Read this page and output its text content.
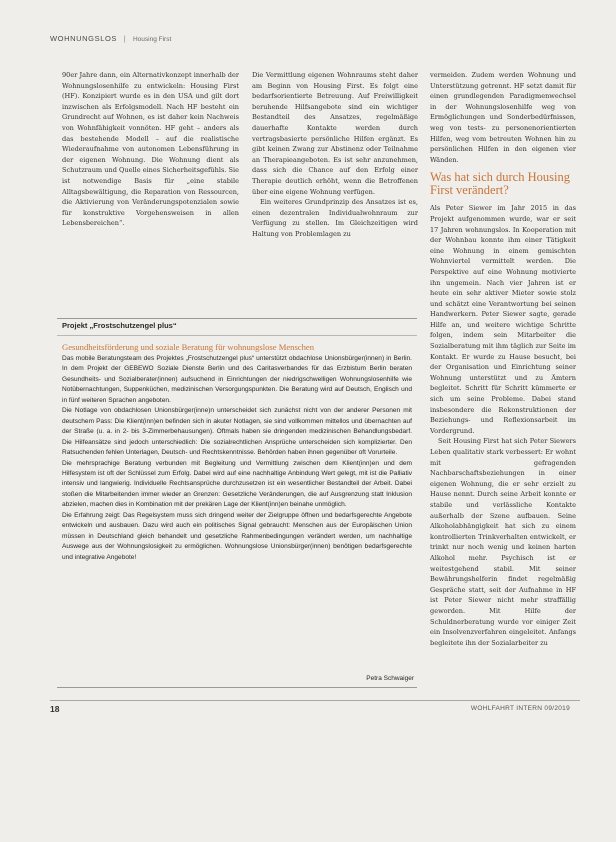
WOHNUNGSLOS | Housing First

90er Jahre dann, ein Alternativkonzept innerhalb der Wohnungslosenhilfe zu entwickeln: Housing First (HF). Konzipiert wurde es in den USA und gilt dort inzwischen als Erfolgsmodell. Nach HF besteht ein Grundrecht auf Wohnen, es ist daher kein Nachweis von Wohnfähigkeit vonnöten. HF geht – anders als das bestehende Modell – auf die realistische Wiederaufnahme von autonomen Lebensführung in der eigenen Wohnung. Die Wohnung dient als Schutzraum und Quelle eines Sicherheitsgefühls. Sie ist notwendige Basis für „eine stabile Alltagsbewältigung, die Reparation von Ressourcen, die Aktivierung von Veränderungspotenzialen sowie für konstruktive Vorgehensweisen in allen Lebensbereichen“.

Die Vermittlung eigenen Wohnraums steht daher am Beginn von Housing First. Es folgt eine bedarfsorientierte Betreuung. Auf Freiwilligkeit beruhende Hilfsangebote sind ein wichtiger Bestandteil des Ansatzes, regelmäßige dauerhafte Kontakte werden durch vertragsbasierte persönliche Hilfen ergänzt. Es gibt keinen Zwang zur Abstinenz oder Teilnahme an Therapieangeboten. Es ist sehr anzunehmen, dass sich die Chance auf den Erfolg einer Therapie deutlich erhöht, wenn die Betroffenen über eine eigene Wohnung verfügen.

Ein weiteres Grundprinzip des Ansatzes ist es, einen dezentralen Individualwohnraum zur Verfügung zu stellen. Im Gleichzeitigen wird Haltung von Problemlagen zu

vermeiden. Zudem werden Wohnung und Unterstützung getrennt. HF setzt damit für einen grundlegenden Paradigmenwechsel in der Wohnungslosenhilfe weg von Ermöglichungen und Sonderbedürfnissen, weg von tests- zu personenorientierten Hilfen, weg vom betreuten Wohnen hin zu persönlichen Hilfen in den eigenen vier Wänden.

Was hat sich durch Housing First verändert?

Als Peter Siewer im Jahr 2015 in das Projekt aufgenommen wurde, war er seit 17 Jahren wohnungslos. In Kooperation mit der Wohnbau konnte ihm einer Tätigkeit eine Wohnung in einem gemischten Wohnviertel vermittelt werden. Die Perspektive auf eine Wohnung motivierte ihn ungemein. Nach vier Jahren ist er heute ein sehr aktiver Mieter sowie stolz und schätzt eine Verantwortung bei seinen Handwerkern. Peter Siewer sagte, gerade Hilfe an, und weitere wichtige Schritte folgen, indem sein Mitarbeiter die Sozialberatung mit ihm täglich zur Seite im Kontakt. Er wurde zu Hause besucht, bei der Organisation und Einrichtung seiner Wohnung unterstützt und zu Ämtern begleitet. Schritt für Schritt kümmerte er sich um seine Probleme. Dabei stand insbesondere die Rekonstruktionen der Beziehungs- und Reflexionsarbeit im Vordergrund.

Seit Housing First hat sich Peter Siewers Leben qualitativ stark verbessert: Er wohnt mit gefragenden Nachbarschaftsbeziehungen in einer eigenen Wohnung, die er sehr erzielt zu Hause nennt. Durch seine Arbeit konnte er stabile und verlässliche Kontakte außerhalb der Szene aufbauen. Seine Alkoholabhängigkeit hat sich zu einem kontrollierten Trinkverhalten entwickelt, er trinkt nur noch wenig und keinen harten Alkohol mehr. Psychisch ist er weitestgehend stabil. Mit seiner Bewährungshelferin findet regelmäßig Gespräche statt, seit der Aufnahme in HF ist Peter Siewer nicht mehr straffällig geworden. Mit Hilfe der Schuldnerberatung wurde vor einiger Zeit ein Insolvenzverfahren eingeleitet. Anfangs begleitete ihn der Sozialarbeiter zu

Projekt „Frostschutzengel plus“
Gesundheitsförderung und soziale Beratung für wohnungslose Menschen

Das mobile Beratungsteam des Projektes „Frostschutzengel plus“ unterstützt obdachlose Unionsbürger(innen) in Berlin. In dem Projekt der GEBEWO Soziale Dienste Berlin und des Caritasverbandes für das Erzbistum Berlin beraten Gesundheits- und Sozialberater(innen) aufsuchend in Einrichtungen der niedrigschwelligen Wohnungslosenhilfe wie Notübernachtungen, Suppenküchen, medizinischen Versorgungspunkten. Die Beratung wird auf Deutsch, Englisch und in fünf weiteren Sprachen angeboten.

Die Notlage von obdachlosen Unionsbürger(inne)n unterscheidet sich zunächst nicht von der anderer Personen mit deutschem Pass: Die Klient(inn)en befinden sich in akuter Notlagen, sie sind vollkommen mittellos und übernachten auf der Straße (u. a. in 2- bis 3-Zimmerbehausungen). Oftmals haben sie dringenden medizinischen Behandlungsbedarf. Die Hilfeansätze sind jedoch unterschiedlich: Die sozialrechtlichen Ansprüche unterscheiden sich komplizierter. Den Ratsuchenden fehlen Unterlagen, Deutsch- und Rechtskenntnisse. Behörden haben ihnen gegenüber oft Vorurteile.

Die mehrsprachige Beratung verbunden mit Begleitung und Vermittlung zwischen dem Klient(inn)en und dem Hilfesystem ist oft der Schlüssel zum Erfolg. Dabei wird auf eine nachhaltige Anbindung Wert gelegt, mit ist die Palliativ intensiv und langwierig. Individuelle Rechtsansprüche durchzusetzen ist ein wesentlicher Bestandteil der Arbeit. Dabei stoßen die Mitarbeitenden immer wieder an Grenzen: Gesetzliche Veränderungen, die auf Ausgrenzung statt Inklusion abzielen, machen dies in Kombination mit der prekären Lage der Klient(inn)en beinahe unmöglich.

Die Erfahrung zeigt: Das Regelsystem muss sich dringend weiter der Zielgruppe öffnen und bedarfsgerechte Angebote entwickeln und ausbauen. Dazu wird auch ein politisches Signal gebraucht: Menschen aus der Europäischen Union müssen in Deutschland gleich behandelt und gesetzliche Rahmenbedingungen verändert werden, um nachhaltige Auswege aus der Wohnungslosigkeit zu ermöglichen. Wohnungslose Unionsbürger(innen) benötigen bedarfsgerechte und integrative Angebote!

Petra Schwaiger
18	WOHLFAHRT INTERN 09/2019
